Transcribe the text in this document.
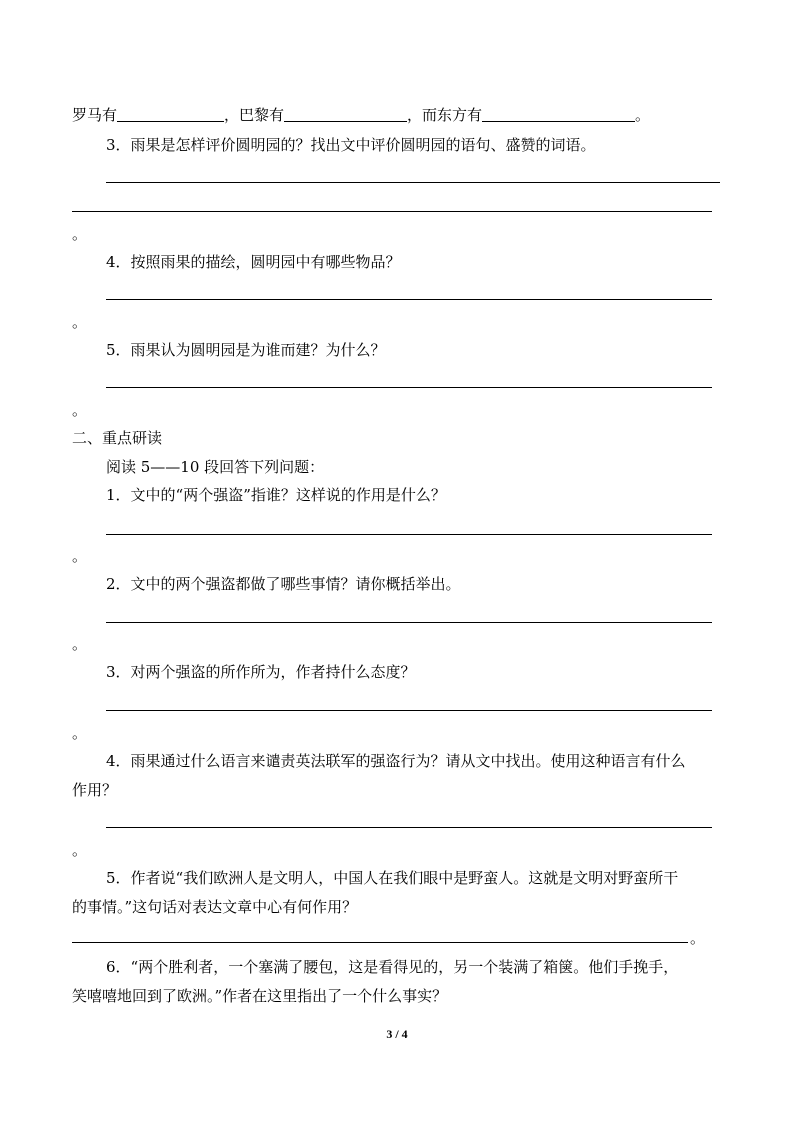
罗马有	，巴黎有	，而东方有	。
3．雨果是怎样评价圆明园的？找出文中评价圆明园的语句、盛赞的词语。
。
4．按照雨果的描绘，圆明园中有哪些物品？
。
5．雨果认为圆明园是为谁而建？为什么？
。
二、重点研读
阅读 5——10 段回答下列问题：
1．文中的“两个强盗”指谁？这样说的作用是什么？
。
2．文中的两个强盗都做了哪些事情？请你概括举出。
。
3．对两个强盗的所作所为，作者持什么态度？
。
4．雨果通过什么语言来谴责英法联军的强盗行为？请从文中找出。使用这种语言有什么
作用？
。
5．作者说“我们欧洲人是文明人，中国人在我们眼中是野蛮人。这就是文明对野蛮所干
的事情。”这句话对表达文章中心有何作用？
。
6．“两个胜利者，一个塞满了腰包，这是看得见的，另一个装满了箱箧。他们手挽手，
笑嘻嘻地回到了欧洲。”作者在这里指出了一个什么事实？
3 / 4
